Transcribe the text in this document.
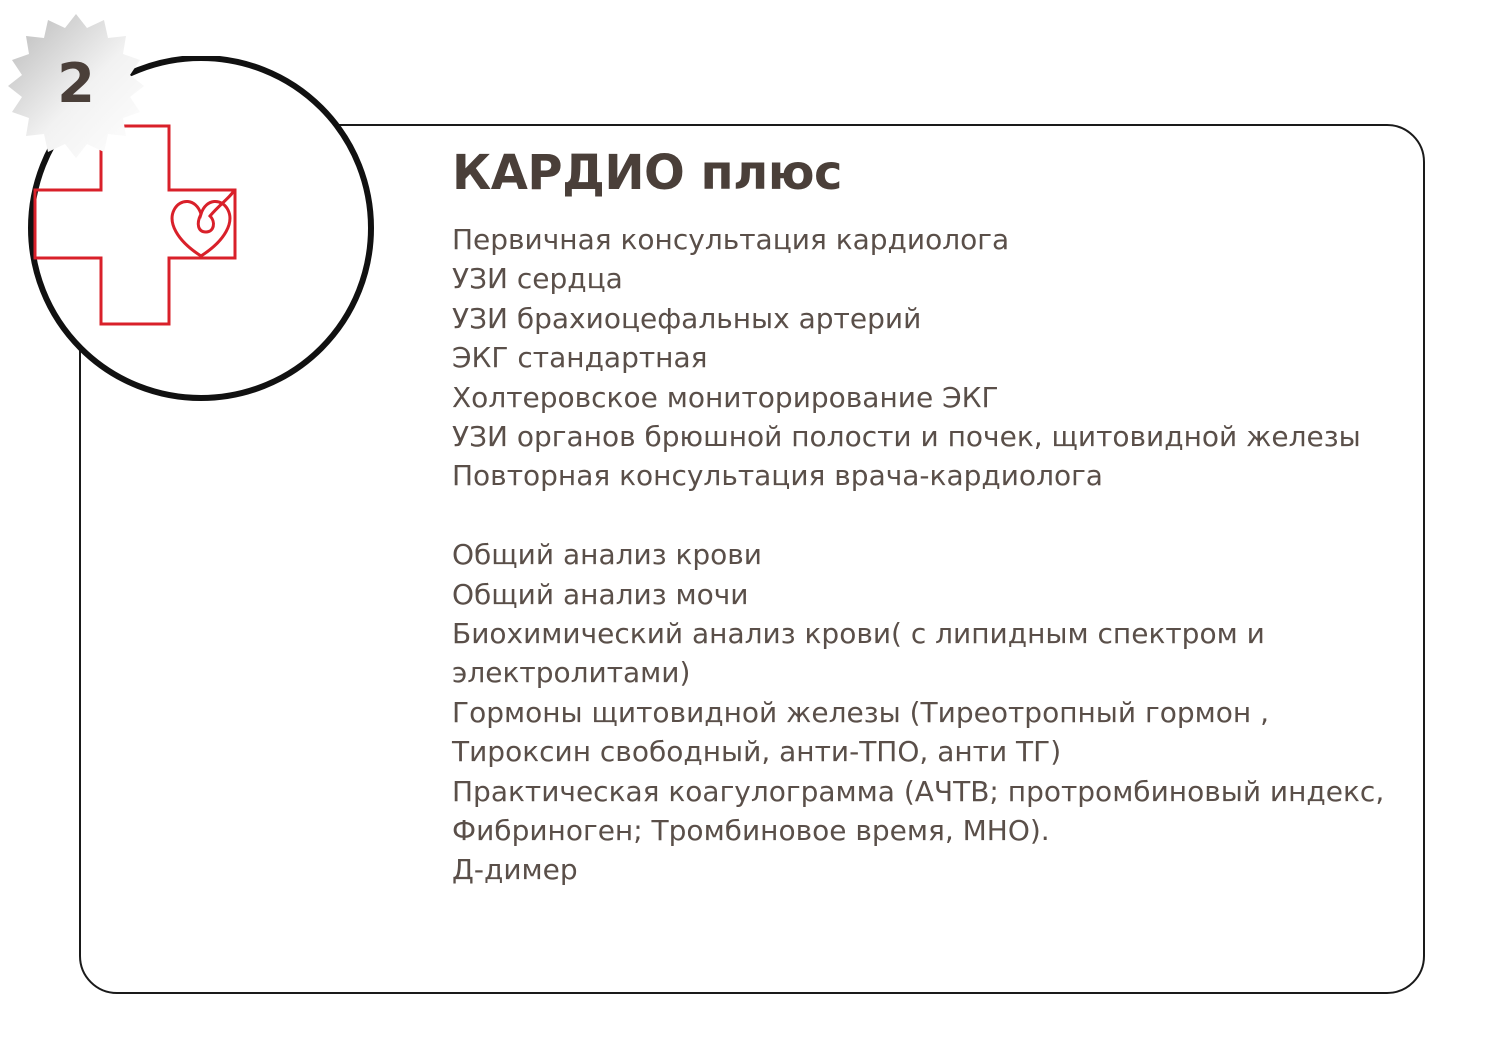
2
КАРДИО плюс
Первичная консультация кардиолога
УЗИ сердца
УЗИ брахиоцефальных артерий
ЭКГ стандартная
Холтеровское мониторирование ЭКГ
УЗИ органов брюшной полости и почек, щитовидной железы
Повторная консультация врача-кардиолога
Общий анализ крови
Общий анализ мочи
Биохимический анализ крови( с липидным спектром и электролитами)
Гормоны щитовидной железы (Тиреотропный гормон , Тироксин свободный, анти-ТПО, анти ТГ)
Практическая коагулограмма (АЧТВ; протромбиновый индекс, Фибриноген; Тромбиновое время, МНО).
Д-димер
